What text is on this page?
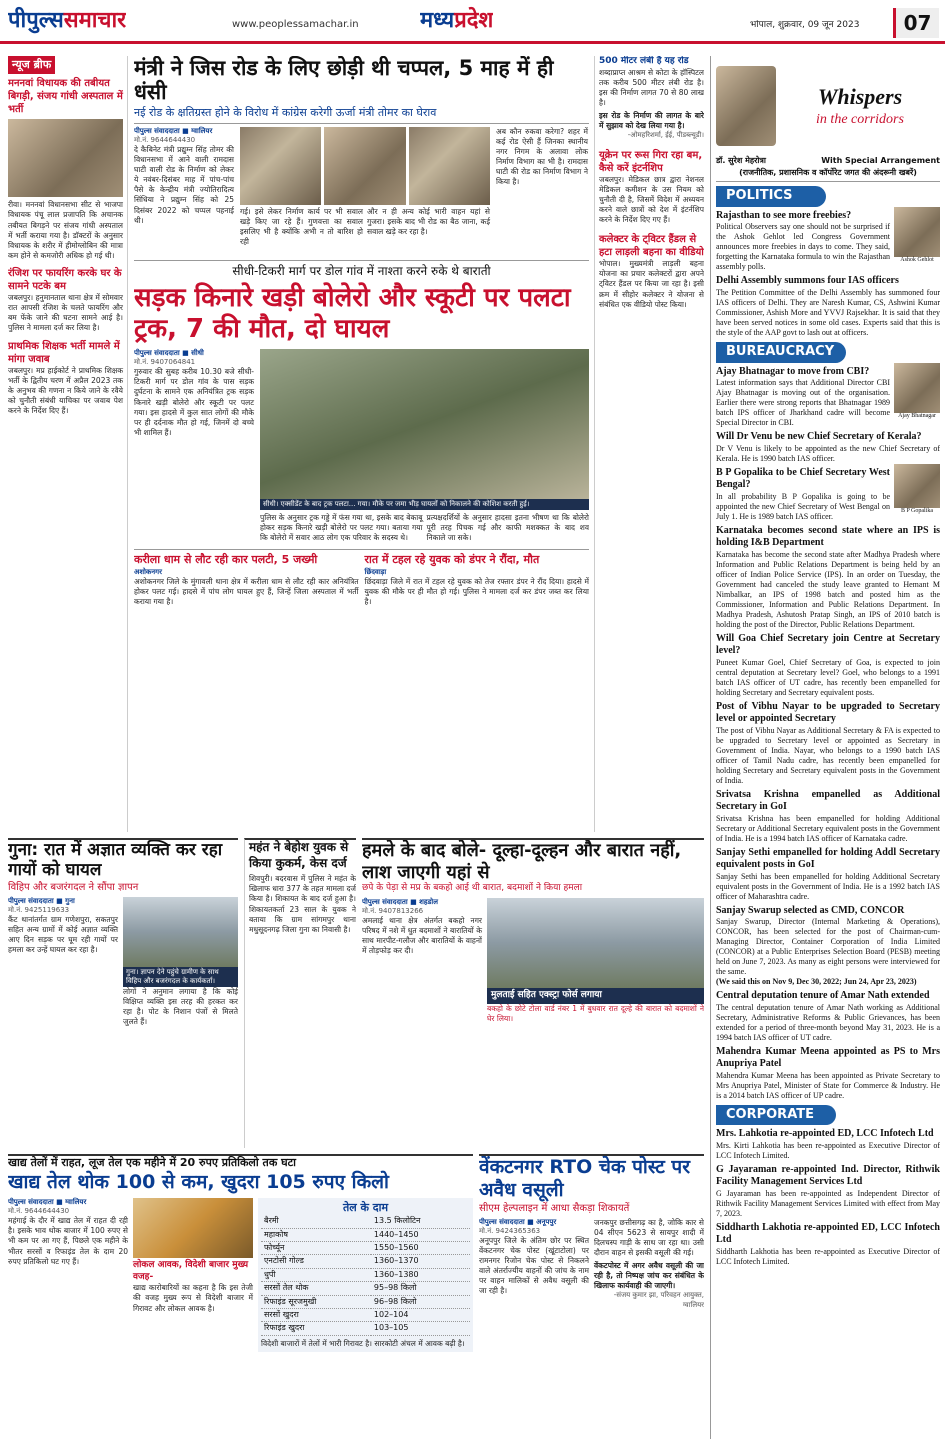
पीपुल्ससमाचार	www.peoplessamachar.in	मध्यप्रदेश	भोपाल, शुक्रवार, 09 जून 2023	07
न्यूज ब्रीफ
मननवां विधायक की तबीयत बिगड़ी, संजय गांधी अस्पताल में भर्ती
रीवा। मननवां विधानसभा सीट से भाजपा विधायक पंचू लाल प्रजापति कि अचानक तबीयत बिगड़ने पर संजय गांधी अस्पताल में भर्ती कराया गया है। डॉक्टरों के अनुसार विधायक के शरीर में हीमोग्लोबिन की मात्रा कम होने से कमजोरी अधिक हो गई थी।
रंजिश पर फायरिंग करके घर के सामने पटके बम
जबलपुर। हनुमानताल थाना क्षेत्र में सोमवार रात आपसी रंजिश के चलते फायरिंग और बम फेंके जाने की घटना सामने आई है। पुलिस ने मामला दर्ज कर लिया है।
प्राथमिक शिक्षक भर्ती मामले में मांगा जवाब
जबलपुर। मप्र हाईकोर्ट ने प्राथमिक शिक्षक भर्ती के द्वितीय चरण में अप्रैल 2023 तक के अनुभव की गणना न किये जाने के रवैये को चुनौती संबंधी याचिका पर जवाब पेश करने के निर्देश दिए हैं।
मंत्री ने जिस रोड के लिए छोड़ी थी चप्पल, 5 माह में ही धंसी
नई रोड के क्षतिग्रस्त होने के विरोध में कांग्रेस करेगी ऊर्जा मंत्री तोमर का घेराव
पीपुल्स संवाददाता ■ ग्वालियर
मो.नं. 9644644430
दे कैबिनेट मंत्री प्रद्युम्न सिंह तोमर की विधानसभा में आने वाली रामदास घाटी वाली रोड के निर्माण को लेकर ये नवंबर-दिसंबर माह में पांच-पांच पैसे के केन्द्रीय मंत्री ज्योतिरादित्य सिंधिया ने प्रद्युम्न सिंह को 25 दिसंबर 2022 को चप्पल पहनाई थी।
गई। इसे लेकर निर्माण कार्य पर भी सवाल खड़े किए जा रहे हैं। गुणवत्ता का सवाल इसलिए भी है क्योंकि अभी न तो बारिश हो रही
और न ही अन्य कोई भारी वाहन यहां से गुजरा। इसके बाद भी रोड का बैठ जाना, कई सवाल खड़े कर रहा है।
अब कौन रुकवा करेगा? शहर में कई रोड ऐसी हैं जिनका स्थानीय नगर निगम के अलावा लोक निर्माण विभाग का भी है। रामदास घाटी की रोड का निर्माण विभाग ने किया है।
500 मीटर लंबी है यह रोड
शब्दाप्राप्त आश्रम से कोटा के हॉस्पिटल तक करीब 500 मीटर लंबी रोड है। इस की निर्माण लागत 70 से 80 लाख है।
इस रोड के निर्माण की लागत के बारे में सुझाव को देख लिया गया है।
-ओमहरिशर्मा, ईई, पीडब्ल्यूडी।
यूक्रेन पर रूस गिरा रहा बम, कैसे करें इंटर्नशिप
जबलपुर। मेडिकल छात्र द्वारा नेशनल मेडिकल कमीशन के उस नियम को चुनौती दी है, जिसमें विदेश में अध्ययन करने वाले छात्रों को देश में इंटर्नशिप करने के निर्देश दिए गए हैं।
कलेक्टर के ट्विटर हैंडल से हटा लाड़ली बहना का वीडियो
भोपाल। मुख्यमंत्री लाड़ली बहना योजना का प्रचार कलेक्टरों द्वारा अपने ट्विटर हैंडल पर किया जा रहा है। इसी क्रम में सीहोर कलेक्टर ने योजना से संबंधित एक वीडियो पोस्ट किया।
सीधी-टिकरी मार्ग पर डोल गांव में नाश्ता करने रुके थे बाराती
सड़क किनारे खड़ी बोलेरो और स्कूटी पर पलटा ट्रक, 7 की मौत, दो घायल
पीपुल्स संवाददाता ■ सीधी
मो.नं. 9407064841
गुरुवार की सुबह करीब 10.30 बजे सीधी-टिकरी मार्ग पर डोल गांव के पास सड़क दुर्घटना के सामने एक अनियंत्रित ट्रक सड़क किनारे खड़ी बोलेरो और स्कूटी पर पलट गया। इस हादसे में कुल सात लोगों की मौके पर ही दर्दनाक मौत हो गई, जिनमें दो बच्चे भी शामिल हैं।
सीधी। एक्सीडेंट के बाद ट्रक पलटा... गया। मौके पर जमा भीड़ घायलों को निकालने की कोशिश करती हुई।
पुलिस के अनुसार ट्रक गड्डे में फंस गया था, इसके बाद बेकाबू होकर सड़क किनारे खड़ी बोलेरो पर पलट गया। बताया गया कि बोलेरो में सवार आठ लोग एक परिवार के सदस्य थे।
प्रत्यक्षदर्शियों के अनुसार हादसा इतना भीषण था कि बोलेरो पूरी तरह पिचक गई और काफी मशक्कत के बाद शव निकाले जा सके।
करीला धाम से लौट रही कार पलटी, 5 जख्मी
अशोकनगर
अशोकनगर जिले के मुंगावली थाना क्षेत्र में करीला धाम से लौट रही कार अनियंत्रित होकर पलट गई। हादसे में पांच लोग घायल हुए हैं, जिन्हें जिला अस्पताल में भर्ती कराया गया है।
रात में टहल रहे युवक को डंपर ने रौंदा, मौत
छिंदवाड़ा
छिंदवाड़ा जिले में रात में टहल रहे युवक को तेज रफ्तार डंपर ने रौंद दिया। हादसे में युवक की मौके पर ही मौत हो गई। पुलिस ने मामला दर्ज कर डंपर जब्त कर लिया है।
गुना: रात में अज्ञात व्यक्ति कर रहा गायों को घायल
विहिप और बजरंगदल ने सौंपा ज्ञापन
पीपुल्स संवाददाता ■ गुना
मो.नं. 9425119633
कैंट थानांतर्गत ग्राम गणेशपुरा, सकतपुर सहित अन्य ग्रामों में कोई अज्ञात व्यक्ति आए दिन सड़क पर घूम रही गायों पर हमला कर उन्हें घायल कर रहा है।
गुना। ज्ञापन देने पहुंचे ग्रामीण के साथ विहिप और बजरंगदल के कार्यकर्ता।
लोगों ने अनुमान लगाया है कि कोई विक्षिप्त व्यक्ति इस तरह की हरकत कर रहा है। पोट के निशान पंजों से मिलते जुलते हैं।
महंत ने बेहोश युवक से किया कुकर्म, केस दर्ज
शिवपुरी। बदरवास में पुलिस ने महंत के खिलाफ धारा 377 के तहत मामला दर्ज किया है। शिकायत के बाद दर्ज हुआ है। शिकायतकर्ता 23 साल के युवक ने बताया कि ग्राम सांगमपुर थाना मधुसूदनगढ़ जिला गुना का निवासी है।
हमले के बाद बोले- दूल्हा-दूल्हन और बारात नहीं, लाश जाएगी यहां से
छपे के पेड़ा से मप्र के बकहो आई थी बारात, बदमाशों ने किया हमला
पीपुल्स संवाददाता ■ शहडोल
मो.नं. 9407813266
अमलाई थाना क्षेत्र अंतर्गत बकहो नगर परिषद में नशे में धुत बदमाशों ने बारातियों के साथ मारपीट-गलौज और बारातियों के वाहनों में तोड़फोड़ कर दी।
मुलताई सहित एक्स्ट्रा फोर्स लगाया
बकहो के छोटे टोला वार्ड नंबर 1 में बुधवार रात दूल्हे की बारात को बदमाशों ने घेर लिया।
खाद्य तेलों में राहत, लूज तेल एक महीने में 20 रुपए प्रतिकिलो तक घटा
खाद्य तेल थोक 100 से कम, खुदरा 105 रुपए किलो
पीपुल्स संवाददाता ■ ग्वालियर
मो.नं. 9644644430
महंगाई के दौर में खाद्य तेल में राहत दी रही है। इसके भाव थोक बाजार में 100 रुपए से भी कम पर आ गए हैं, पिछले एक महीने के भीतर सरसों व रिफाइंड तेल के दाम 20 रुपए प्रतिकिलो घट गए हैं।	लोकल आवक, विदेशी बाजार मुख्य वजह-
खाद्य कारोबारियों का कहना है कि इस तेजी की वजह मुख्य रूप से विदेशी बाजार में गिरावट और लोकल आवक है।
तेल के दाम
बैरमी	13.5 किलोटिन
महाकोष	1440–1450
फोर्च्यून	1550–1560
एनटोसी गोल्ड	1360–1370
धुपी	1360–1380
सरसों तेल थोक	95–98 किलो
रिफाइंड सूरजमुखी	96–98 किलो
सरसों खुदरा	102–104
रिफाइंड खुदरा	103–105
विदेशी बाजारों में तेलों में भारी गिरावट है। सारकोटी अंचल में आवक बढ़ी है।
वेंकटनगर RTO चेक पोस्ट पर अवैध वसूली
सीएम हेल्पलाइन में आधा सैकड़ा शिकायतें
पीपुल्स संवाददाता ■ अनूपपुर
मो.नं. 9424365363
अनूपपुर जिले के अंतिम छोर पर स्थित वेंकटनगर चेक पोस्ट (खूंटाटोला) पर रामनगर रिजोन चेक पोस्ट से निकलने वाले अंतर्राज्यीय वाहनों की जांच के नाम पर वाहन मालिकों से अवैध वसूली की जा रही है।
जनकपुर छत्तीसगढ़ का है, जोकि कार से 04 सीएन 5623 से सायपुर शादी में दिलचस्प गाड़ी के साथ जा रहा था। उसी दौरान वाहन से इसकी वसूली की गई।
वेंकटपोस्ट में अगर अवैध वसूली की जा रही है, तो निष्पक्ष जांच कर संबंधित के खिलाफ कार्यवाही की जाएगी।
-संजय कुमार झा, परिवहन आयुक्त, ग्वालियर
Whispers
in the corridors
डॉ. सुरेश मेहरोत्रा	With Special Arrangement
(राजनीतिक, प्रशासनिक व कॉर्पोरेट जगत की अंदरूनी खबरें)
POLITICS
Rajasthan to see more freebies?
Political Observers say one should not be surprised if the Ashok Gehlot led Congress Government announces more freebies in days to come. They said, forgetting the Karnataka formula to win the Rajasthan assembly polls.
Ashok Gehlot
Delhi Assembly summons four IAS officers
The Petition Committee of the Delhi Assembly has summoned four IAS officers of Delhi. They are Naresh Kumar, CS, Ashwini Kumar Commissioner, Ashish More and YVVJ Rajsekhar. It is said that they have been served notices in some old cases. Experts said that this is the style of the AAP govt to lash out at officers.
BUREAUCRACY
Ajay Bhatnagar to move from CBI?
Latest information says that Additional Director CBI Ajay Bhatnagar is moving out of the organisation. Earlier there were strong reports that Bhatnagar 1989 batch IPS officer of Jharkhand cadre will become Special Director in CBI.
Ajay Bhatnagar
Will Dr Venu be new Chief Secretary of Kerala?
Dr V Venu is likely to be appointed as the new Chief Secretary of Kerala. He is 1990 batch IAS officer.
B P Gopalika to be Chief Secretary West Bengal?
In all probability B P Gopalika is going to be appointed the new Chief Secretary of West Bengal on July 1. He is 1989 batch IAS officer.
B P Gopalika
Karnataka becomes second state where an IPS is holding I&B Department
Karnataka has become the second state after Madhya Pradesh where Information and Public Relations Department is being held by an officer of Indian Police Service (IPS). In an order on Tuesday, the Government had canceled the study leave granted to Hemant M Nimbalkar, an IPS of 1998 batch and posted him as the Commissioner, Information and Public Relations Department. In Madhya Pradesh, Ashutosh Pratap Singh, an IPS of 2010 batch is holding the post of the Director, Public Relations Department.
Will Goa Chief Secretary join Centre at Secretary level?
Puneet Kumar Goel, Chief Secretary of Goa, is expected to join central deputation at Secretary level? Goel, who belongs to a 1991 batch IAS officer of UT cadre, has recently been empanelled for holding Secretary and Secretary equivalent posts.
Post of Vibhu Nayar to be upgraded to Secretary level or appointed Secretary
The post of Vibhu Nayar as Additional Secretary & FA is expected to be upgraded to Secretary level or appointed as Secretary in Government of India. Nayar, who belongs to a 1990 batch IAS officer of Tamil Nadu cadre, has recently been empanelled for holding Secretary and Secretary equivalent posts in the Government of India.
Srivatsa Krishna empanelled as Additional Secretary in GoI
Srivatsa Krishna has been empanelled for holding Additional Secretary or Additional Secretary equivalent posts in the Government of India. He is a 1994 batch IAS officer of Karnataka cadre.
Sanjay Sethi empanelled for holding Addl Secretary equivalent posts in GoI
Sanjay Sethi has been empanelled for holding Additional Secretary equivalent posts in the Government of India. He is a 1992 batch IAS officer of Maharashtra cadre.
Sanjay Swarup selected as CMD, CONCOR
Sanjay Swarup, Director (Internal Marketing & Operations), CONCOR, has been selected for the post of Chairman-cum-Managing Director, Container Corporation of India Limited (CONCOR) at a Public Enterprises Selection Board (PESB) meeting held on June 7, 2023. As many as eight persons were interviewed for the same.
(We said this on Nov 9, Dec 30, 2022; Jun 24, Apr 23, 2023)
Central deputation tenure of Amar Nath extended
The central deputation tenure of Amar Nath working as Additional Secretary, Administrative Reforms & Public Grievances, has been extended for a period of three-month beyond May 31, 2023. He is a 1994 batch IAS officer of UT cadre.
Mahendra Kumar Meena appointed as PS to Mrs Anupriya Patel
Mahendra Kumar Meena has been appointed as Private Secretary to Mrs Anupriya Patel, Minister of State for Commerce & Industry. He is a 2014 batch IAS officer of UP cadre.
CORPORATE
Mrs. Lahkotia re-appointed ED, LCC Infotech Ltd
Mrs. Kirti Lahkotia has been re-appointed as Executive Director of LCC Infotech Limited.
G Jayaraman re-appointed Ind. Director, Rithwik Facility Management Services Ltd
G Jayaraman has been re-appointed as Independent Director of Rithwik Facility Management Services Limited with effect from May 7, 2023.
Siddharth Lakhotia re-appointed ED, LCC Infotech Ltd
Siddharth Lakhotia has been re-appointed as Executive Director of LCC Infotech Limited.
